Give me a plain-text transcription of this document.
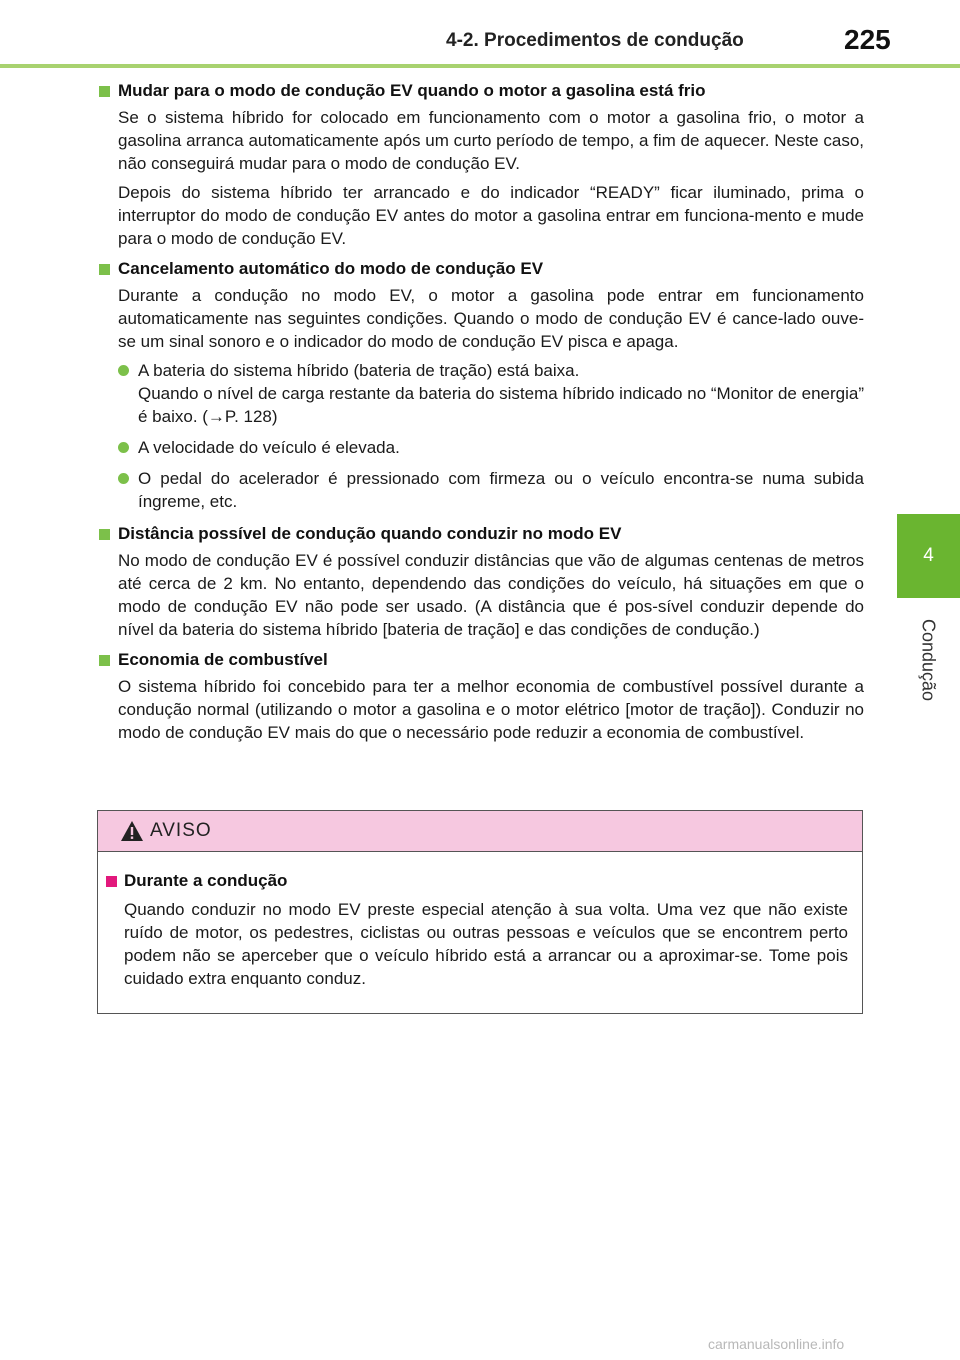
4-2. Procedimentos de condução	225
4
Condução
Mudar para o modo de condução EV quando o motor a gasolina está frio

Se o sistema híbrido for colocado em funcionamento com o motor a gasolina frio, o motor a gasolina arranca automaticamente após um curto período de tempo, a fim de aquecer. Neste caso, não conseguirá mudar para o modo de condução EV.

Depois do sistema híbrido ter arrancado e do indicador “READY” ficar iluminado, prima o interruptor do modo de condução EV antes do motor a gasolina entrar em funciona-mento e mude para o modo de condução EV.

Cancelamento automático do modo de condução EV

Durante a condução no modo EV, o motor a gasolina pode entrar em funcionamento automaticamente nas seguintes condições. Quando o modo de condução EV é cance-lado ouve-se um sinal sonoro e o indicador do modo de condução EV pisca e apaga.

A bateria do sistema híbrido (bateria de tração) está baixa.
Quando o nível de carga restante da bateria do sistema híbrido indicado no “Monitor de energia” é baixo. (→P. 128)
A velocidade do veículo é elevada.
O pedal do acelerador é pressionado com firmeza ou o veículo encontra-se numa subida íngreme, etc.
Distância possível de condução quando conduzir no modo EV

No modo de condução EV é possível conduzir distâncias que vão de algumas centenas de metros até cerca de 2 km. No entanto, dependendo das condições do veículo, há situações em que o modo de condução EV não pode ser usado. (A distância que é pos-sível conduzir depende do nível da bateria do sistema híbrido [bateria de tração] e das condições de condução.)

Economia de combustível

O sistema híbrido foi concebido para ter a melhor economia de combustível possível durante a condução normal (utilizando o motor a gasolina e o motor elétrico [motor de tração]). Conduzir no modo de condução EV mais do que o necessário pode reduzir a economia de combustível.

AVISO
Durante a condução

Quando conduzir no modo EV preste especial atenção à sua volta. Uma vez que não existe ruído de motor, os pedestres, ciclistas ou outras pessoas e veículos que se encontrem perto podem não se aperceber que o veículo híbrido está a arrancar ou a aproximar-se. Tome pois cuidado extra enquanto conduz.

carmanualsonline.info
